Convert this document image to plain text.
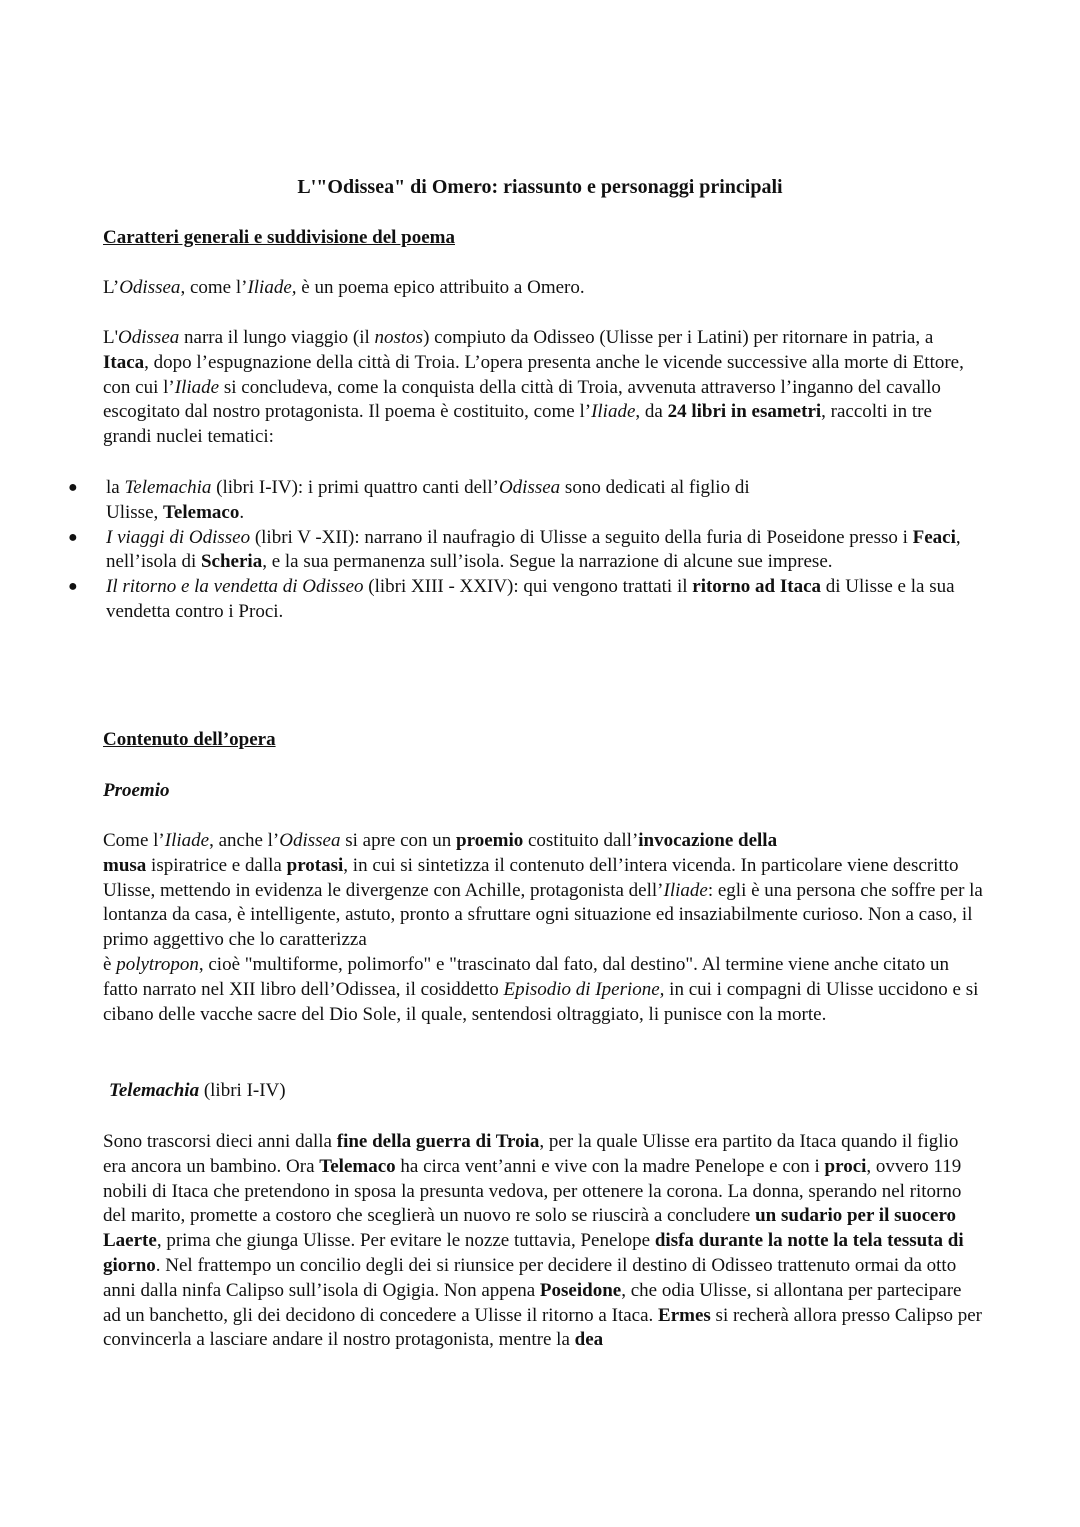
L'"Odissea" di Omero: riassunto e personaggi principali
Caratteri generali e suddivisione del poema

L’Odissea, come l’Iliade, è un poema epico attribuito a Omero.

L'Odissea narra il lungo viaggio (il nostos) compiuto da Odisseo (Ulisse per i Latini) per ritornare in patria, a Itaca, dopo l’espugnazione della città di Troia. L’opera presenta anche le vicende successive alla morte di Ettore, con cui l’Iliade si concludeva, come la conquista della città di Troia, avvenuta attraverso l’inganno del cavallo escogitato dal nostro protagonista. Il poema è costituito, come l’Iliade, da 24 libri in esametri, raccolti in tre grandi nuclei tematici:

● la Telemachia (libri I-IV): i primi quattro canti dell’Odissea sono dedicati al figlio di
Ulisse, Telemaco.
● I viaggi di Odisseo (libri V -XII): narrano il naufragio di Ulisse a seguito della furia di Poseidone presso i Feaci, nell’isola di Scheria, e la sua permanenza sull’isola. Segue la narrazione di alcune sue imprese.
● Il ritorno e la vendetta di Odisseo (libri XIII - XXIV): qui vengono trattati il ritorno ad Itaca di Ulisse e la sua vendetta contro i Proci.
Contenuto dell’opera
Proemio

Come l’Iliade, anche l’Odissea si apre con un proemio costituito dall’invocazione della
musa ispiratrice e dalla protasi, in cui si sintetizza il contenuto dell’intera vicenda. In particolare viene descritto Ulisse, mettendo in evidenza le divergenze con Achille, protagonista dell’Iliade: egli è una persona che soffre per la lontanza da casa, è intelligente, astuto, pronto a sfruttare ogni situazione ed insaziabilmente curioso. Non a caso, il primo aggettivo che lo caratterizza
è polytropon, cioè "multiforme, polimorfo" e "trascinato dal fato, dal destino". Al termine viene anche citato un fatto narrato nel XII libro dell’Odissea, il cosiddetto Episodio di Iperione, in cui i compagni di Ulisse uccidono e si cibano delle vacche sacre del Dio Sole, il quale, sentendosi oltraggiato, li punisce con la morte.

Telemachia (libri I-IV)

Sono trascorsi dieci anni dalla fine della guerra di Troia, per la quale Ulisse era partito da Itaca quando il figlio era ancora un bambino. Ora Telemaco ha circa vent’anni e vive con la madre Penelope e con i proci, ovvero 119 nobili di Itaca che pretendono in sposa la presunta vedova, per ottenere la corona. La donna, sperando nel ritorno del marito, promette a costoro che sceglierà un nuovo re solo se riuscirà a concludere un sudario per il suocero Laerte, prima che giunga Ulisse. Per evitare le nozze tuttavia, Penelope disfa durante la notte la tela tessuta di giorno. Nel frattempo un concilio degli dei si riunsice per decidere il destino di Odisseo trattenuto ormai da otto anni dalla ninfa Calipso sull’isola di Ogigia. Non appena Poseidone, che odia Ulisse, si allontana per partecipare ad un banchetto, gli dei decidono di concedere a Ulisse il ritorno a Itaca. Ermes si recherà allora presso Calipso per convincerla a lasciare andare il nostro protagonista, mentre la dea
